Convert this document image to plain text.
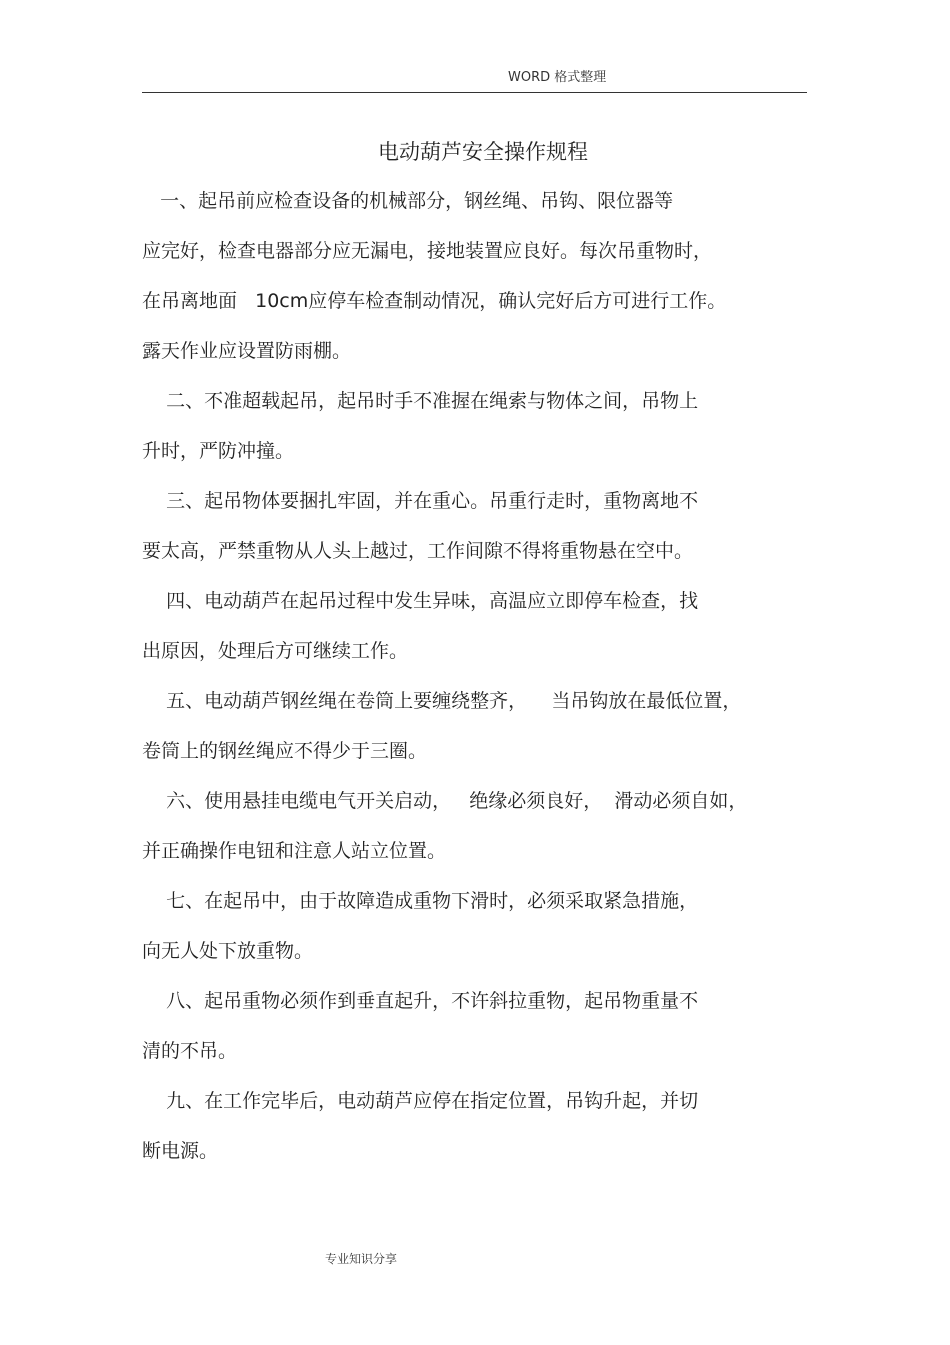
WORD 格式整理
电动葫芦安全操作规程
一、起吊前应检查设备的机械部分，钢丝绳、吊钩、限位器等
应完好，检查电器部分应无漏电，接地装置应良好。每次吊重物时，
在吊离地面   10cm应停车检查制动情况，确认完好后方可进行工作。
露天作业应设置防雨棚。
二、不准超载起吊，起吊时手不准握在绳索与物体之间，吊物上
升时，严防冲撞。
三、起吊物体要捆扎牢固，并在重心。吊重行走时，重物离地不
要太高，严禁重物从人头上越过，工作间隙不得将重物悬在空中。
四、电动葫芦在起吊过程中发生异味，高温应立即停车检查，找
出原因，处理后方可继续工作。
五、电动葫芦钢丝绳在卷筒上要缠绕整齐，    当吊钩放在最低位置，
卷筒上的钢丝绳应不得少于三圈。
六、使用悬挂电缆电气开关启动，   绝缘必须良好，  滑动必须自如，
并正确操作电钮和注意人站立位置。
七、在起吊中，由于故障造成重物下滑时，必须采取紧急措施，
向无人处下放重物。
八、起吊重物必须作到垂直起升，不许斜拉重物，起吊物重量不
清的不吊。
九、在工作完毕后，电动葫芦应停在指定位置，吊钩升起，并切
断电源。
专业知识分享
